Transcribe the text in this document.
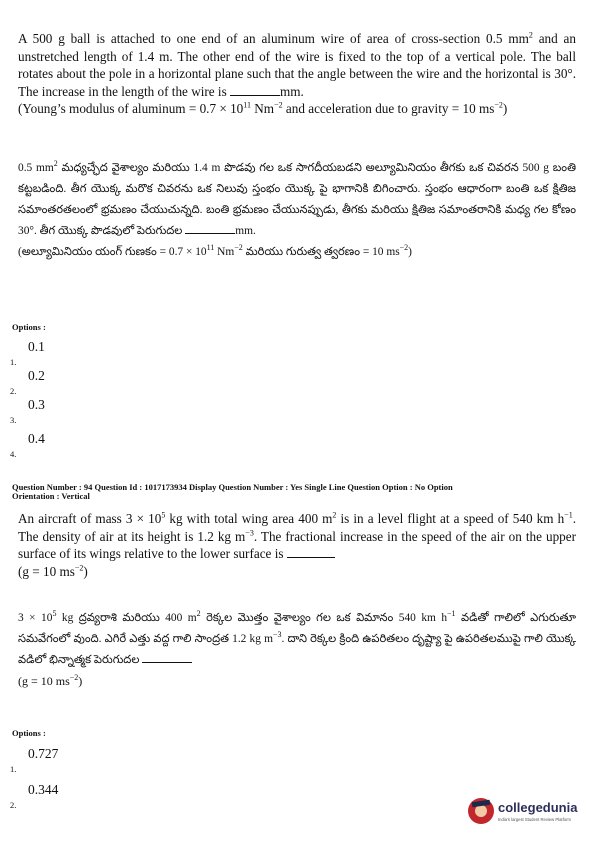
A 500 g ball is attached to one end of an aluminum wire of area of cross-section 0.5 $mm^2$ and an unstretched length of 1.4 m. The other end of the wire is fixed to the top of a vertical pole. The ball rotates about the pole in a horizontal plane such that the angle between the wire and the horizontal is 30°. The increase in the length of the wire is	mm.
(Young’s modulus of aluminum = $0.7 \times 10^{11}$ $Nm^{-2}$ and acceleration due to gravity = 10 $ms^{-2}$)
0.5 $mm^2$ మధ్యచ్ఛేద వైశాల్యం మరియు 1.4 m పొడవు గల ఒక సాగదీయబడని అల్యూమినియం తీగకు ఒక చివరన 500 g బంతి కట్టబడింది. తీగ యొక్క మరొక చివరను ఒక నిలువు స్తంభం యొక్క పై భాగానికి బిగించారు. స్తంభం ఆధారంగా బంతి ఒక క్షితిజ సమాంతరతలంలో భ్రమణం చేయుచున్నది. బంతి భ్రమణం చేయునప్పుడు, తీగకు మరియు క్షితిజ సమాంతరానికి మధ్య గల కోణం 30°. తీగ యొక్క పొడవులో పెరుగుదల	mm.
(అల్యూమినియం యంగ్ గుణకం = $0.7 \times 10^{11}$ $Nm^{-2}$ మరియు గురుత్వ త్వరణం = 10 $ms^{-2}$)
Options :
0.1
1.
0.2
2.
0.3
3.
0.4
4.
Question Number : 94 Question Id : 1017173934 Display Question Number : Yes Single Line Question Option : No Option
Orientation : Vertical
An aircraft of mass $3 \times 10^5$ kg with total wing area 400 $m^2$ is in a level flight at a speed of 540 km $h^{-1}$. The density of air at its height is 1.2 kg $m^{-3}$. The fractional increase in the speed of the air on the upper surface of its wings relative to the lower surface is
(g = 10 $ms^{-2}$)
$3 \times 10^5$ kg ద్రవ్యరాశి మరియు 400 $m^2$ రెక్కల మొత్తం వైశాల్యం గల ఒక విమానం 540 km $h^{-1}$ వడితో గాలిలో ఎగురుతూ సమవేగంలో వుంది. ఎగిరే ఎత్తు వద్ద గాలి సాంద్రత 1.2 kg $m^{-3}$. దాని రెక్కల క్రింది ఉపరితలం దృష్ట్యా పై ఉపరితలముపై గాలి యొక్క వడిలో భిన్నాత్మక పెరుగుదల
(g = 10 $ms^{-2}$)
Options :
0.727
1.
0.344
2.	collegedunia
India's largest Student Review Platform
